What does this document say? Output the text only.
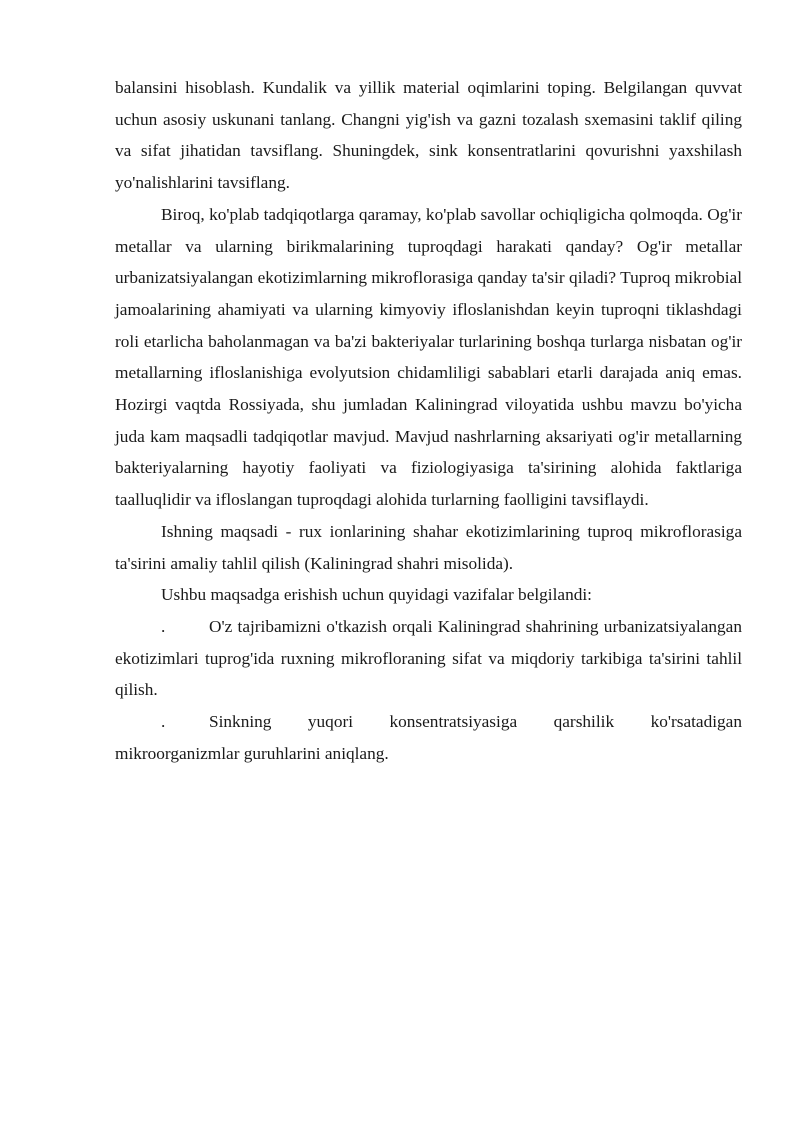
balansini hisoblash. Kundalik va yillik material oqimlarini toping. Belgilangan quvvat uchun asosiy uskunani tanlang. Changni yig'ish va gazni tozalash sxemasini taklif qiling va sifat jihatidan tavsiflang. Shuningdek, sink konsentratlarini qovurishni yaxshilash yo'nalishlarini tavsiflang.

Biroq, ko'plab tadqiqotlarga qaramay, ko'plab savollar ochiqligicha qolmoqda. Og'ir metallar va ularning birikmalarining tuproqdagi harakati qanday? Og'ir metallar urbanizatsiyalangan ekotizimlarning mikroflorasiga qanday ta'sir qiladi? Tuproq mikrobial jamoalarining ahamiyati va ularning kimyoviy ifloslanishdan keyin tuproqni tiklashdagi roli etarlicha baholanmagan va ba'zi bakteriyalar turlarining boshqa turlarga nisbatan og'ir metallarning ifloslanishiga evolyutsion chidamliligi sabablari etarli darajada aniq emas. Hozirgi vaqtda Rossiyada, shu jumladan Kaliningrad viloyatida ushbu mavzu bo'yicha juda kam maqsadli tadqiqotlar mavjud. Mavjud nashrlarning aksariyati og'ir metallarning bakteriyalarning hayotiy faoliyati va fiziologiyasiga ta'sirining alohida faktlariga taalluqlidir va ifloslangan tuproqdagi alohida turlarning faolligini tavsiflaydi.

Ishning maqsadi - rux ionlarining shahar ekotizimlarining tuproq mikroflorasiga ta'sirini amaliy tahlil qilish (Kaliningrad shahri misolida).

Ushbu maqsadga erishish uchun quyidagi vazifalar belgilandi:

.	O'z tajribamizni o'tkazish orqali Kaliningrad shahrining urbanizatsiyalangan ekotizimlari tuprog'ida ruxning mikrofloraning sifat va miqdoriy tarkibiga ta'sirini tahlil qilish.

.	Sinkning yuqori konsentratsiyasiga qarshilik ko'rsatadigan mikroorganizmlar guruhlarini aniqlang.
